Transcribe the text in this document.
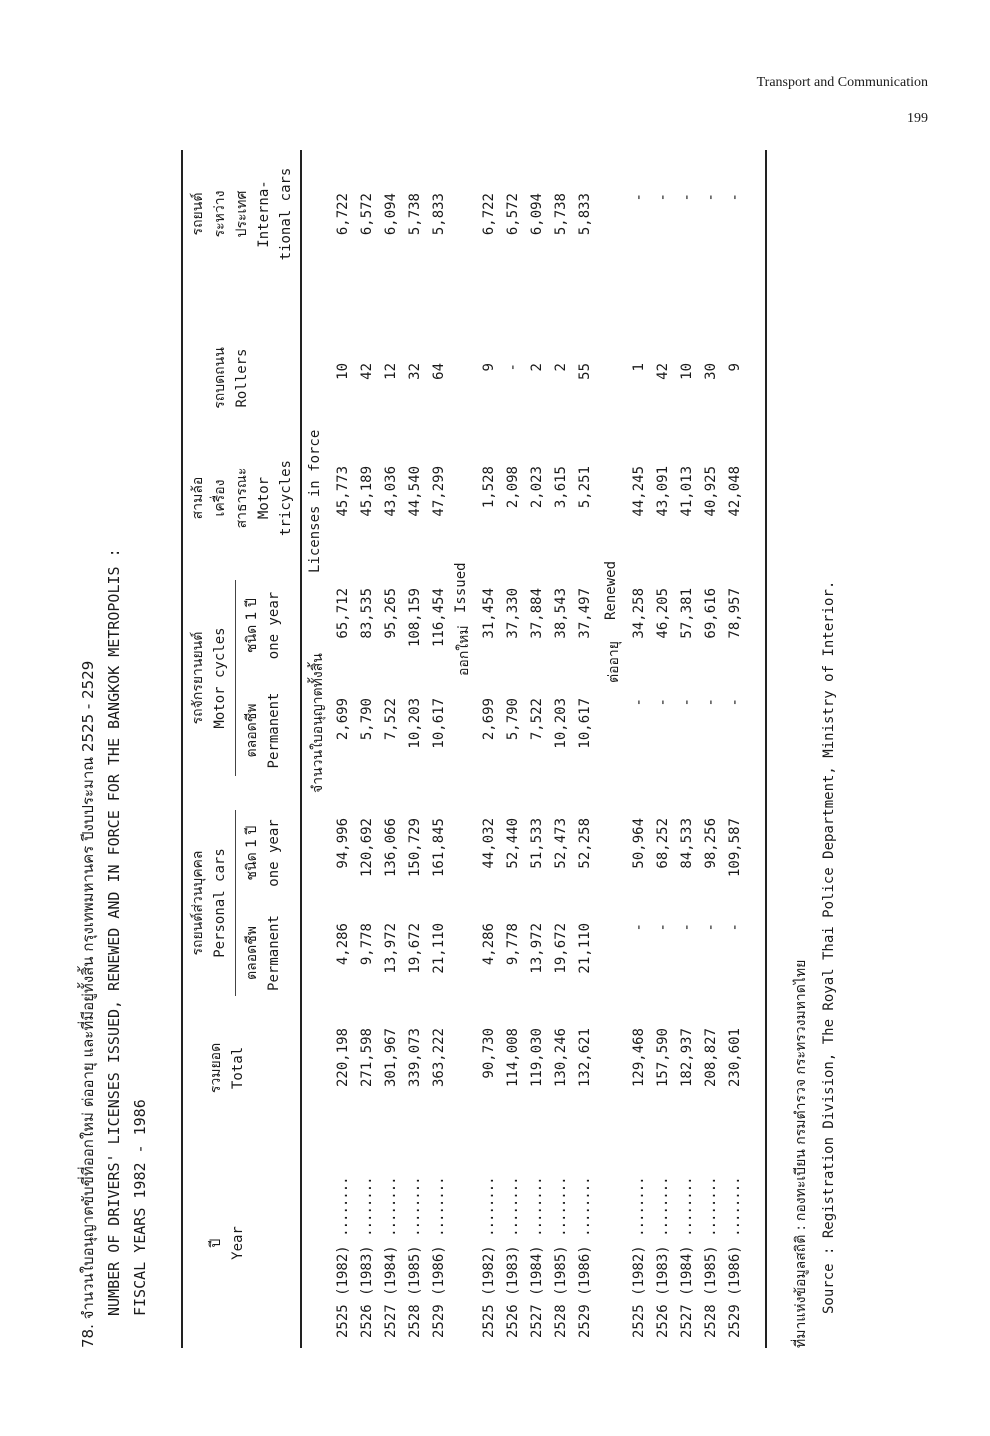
Transport and Communication
199
78. จำนวนใบอนุญาตขับขี่ที่ออกใหม่ ต่ออายุ และที่มีอยู่ทั้งสิ้น กรุงเทพมหานคร ปีงบประมาณ 2525 - 2529 NUMBER OF DRIVERS' LICENSES ISSUED, RENEWED AND IN FORCE FOR THE BANGKOK METROPOLIS : FISCAL YEARS 1982 - 1986	ปี Year
รวมยอด Total
รถยนต์ส่วนบุคคล Personal cars ตลอดชีพ Permanent
ชนิด 1 ปี one year
รถจักรยานยนต์ Motor cycles
ตลอดชีพ Permanent
ชนิด 1 ปี one year
สามล้อ เครื่อง สาธารณะ Motor tricycles
รถบดถนน Rollers
รถยนต์ ระหว่าง ประเทศ Interna- tional cars
จำนวนใบอนุญาตทั้งสิ้น
Licenses in force
ออกใหม่
Issued
ต่ออายุ
Renewed
2525 (1982) ........
220,198
4,286
94,996
2,699
65,712
45,773
10
6,722
2526 (1983) ........
271,598
9,778
120,692
5,790
83,535
45,189
42
6,572
2527 (1984) ........
301,967
13,972
136,066
7,522
95,265
43,036
12
6,094
2528 (1985) ........
339,073
19,672
150,729
10,203
108,159
44,540
32
5,738
2529 (1986) ........
363,222
21,110
161,845
10,617
116,454
47,299
64
5,833
2525 (1982) ........
90,730
4,286
44,032
2,699
31,454
1,528
9
6,722
2526 (1983) ........
114,008
9,778
52,440
5,790
37,330
2,098
-
6,572
2527 (1984) ........
119,030
13,972
51,533
7,522
37,884
2,023
2
6,094
2528 (1985) ........
130,246
19,672
52,473
10,203
38,543
3,615
2
5,738
2529 (1986) ........
132,621
21,110
52,258
10,617
37,497
5,251
55
5,833
2525 (1982) ........
129,468
-
50,964
-
34,258
44,245
1
-
2526 (1983) ........
157,590
-
68,252
-
46,205
43,091
42
-
2527 (1984) ........
182,937
-
84,533
-
57,381
41,013
10
-
2528 (1985) ........
208,827
-
98,256
-
69,616
40,925
30
-
2529 (1986) ........
230,601
-
109,587
-
78,957
42,048
9
-
ที่มาแห่งข้อมูลสถิติ : กองทะเบียน กรมตำรวจ กระทรวงมหาดไทย Source : Registration Division, The Royal Thai Police Department, Ministry of Interior.
